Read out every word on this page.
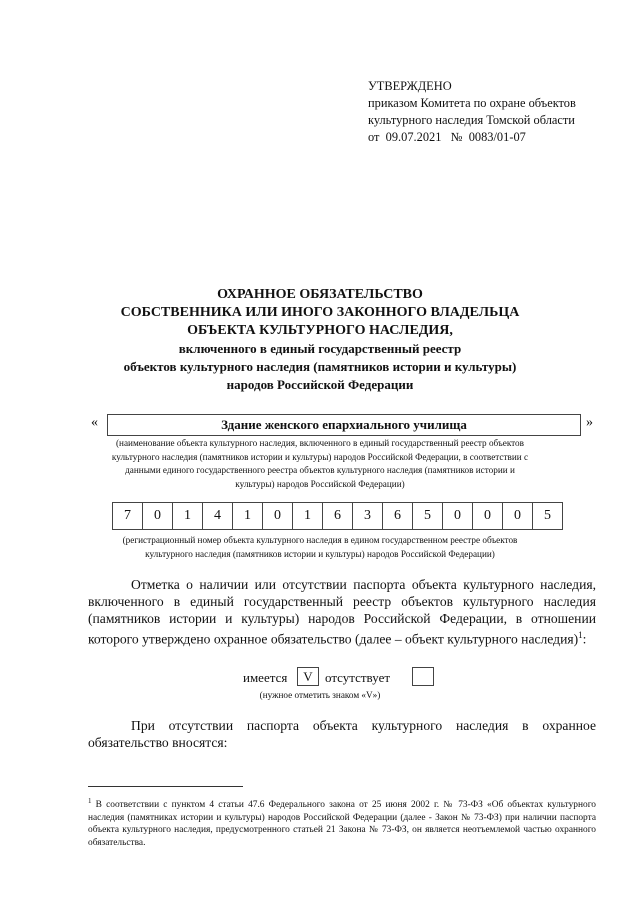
УТВЕРЖДЕНО
приказом Комитета по охране объектов
культурного наследия Томской области
от  09.07.2021   №  0083/01-07
ОХРАННОЕ ОБЯЗАТЕЛЬСТВО
СОБСТВЕННИКА ИЛИ ИНОГО ЗАКОННОГО ВЛАДЕЛЬЦА
ОБЪЕКТА КУЛЬТУРНОГО НАСЛЕДИЯ,
включенного в единый государственный реестр
объектов культурного наследия (памятников истории и культуры)
народов Российской Федерации
«	Здание женского епархиального училища	»
(наименование объекта культурного наследия, включенного в единый государственный реестр объектов
культурного наследия (памятников истории и культуры) народов Российской Федерации, в соответствии с
данными единого государственного реестра объектов культурного наследия (памятников истории и
культуры) народов Российской Федерации)
7	0	1	4	1	0	1	6	3	6	5	0	0	0	5
(регистрационный номер объекта культурного наследия в едином государственном реестре объектов
культурного наследия (памятников истории и культуры) народов Российской Федерации)
Отметка о наличии или отсутствии паспорта объекта культурного наследия, включенного в единый государственный реестр объектов культурного наследия (памятников истории и культуры) народов Российской Федерации, в отношении которого утверждено охранное обязательство (далее – объект культурного наследия)$^1$:
имеется	V отсутствует
(нужное отметить знаком «V»)
При отсутствии паспорта объекта культурного наследия в охранное обязательство вносятся:
$^1$ В соответствии с пунктом 4 статьи 47.6 Федерального закона от 25 июня 2002 г. № 73-ФЗ «Об объектах культурного наследия (памятниках истории и культуры) народов Российской Федерации (далее - Закон № 73-ФЗ) при наличии паспорта объекта культурного наследия, предусмотренного статьей 21 Закона № 73-ФЗ, он является неотъемлемой частью охранного обязательства.
